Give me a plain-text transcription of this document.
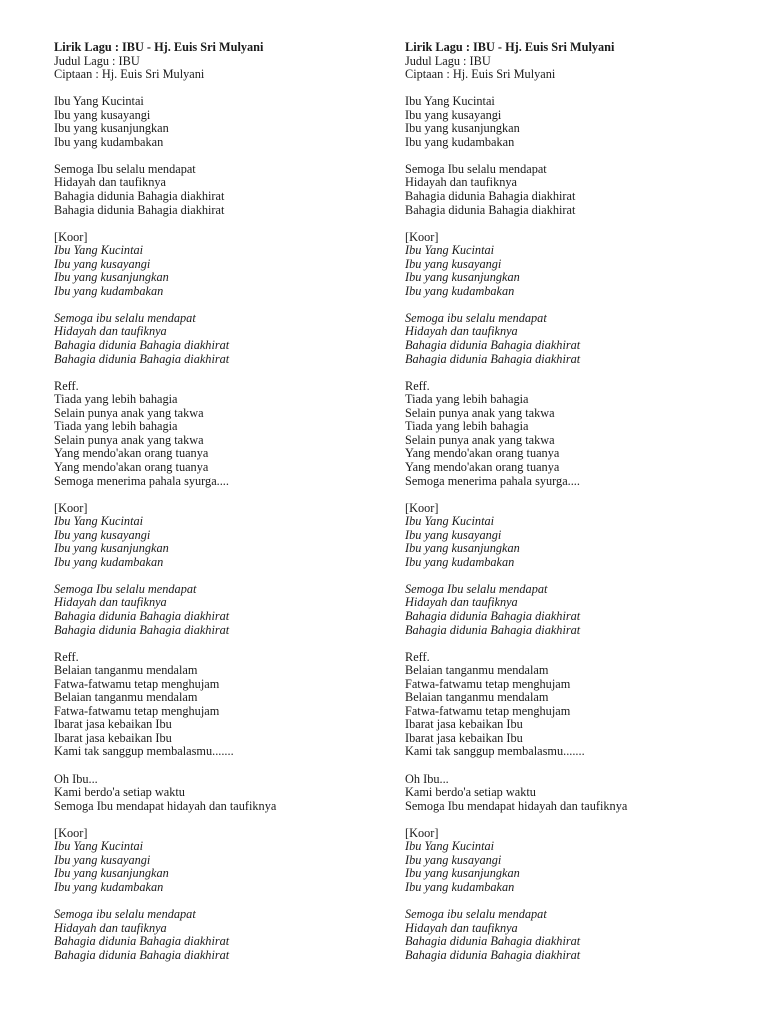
Lirik Lagu : IBU - Hj. Euis Sri Mulyani
Judul Lagu : IBU
Ciptaan : Hj. Euis Sri Mulyani
Ibu Yang Kucintai
Ibu yang kusayangi
Ibu yang kusanjungkan
Ibu yang kudambakan
Semoga Ibu selalu mendapat
Hidayah dan taufiknya
Bahagia didunia Bahagia diakhirat
Bahagia didunia Bahagia diakhirat
[Koor]
Ibu Yang Kucintai
Ibu yang kusayangi
Ibu yang kusanjungkan
Ibu yang kudambakan
Semoga ibu selalu mendapat
Hidayah dan taufiknya
Bahagia didunia Bahagia diakhirat
Bahagia didunia Bahagia diakhirat
Reff.
Tiada yang lebih bahagia
Selain punya anak yang takwa
Tiada yang lebih bahagia
Selain punya anak yang takwa
Yang mendo'akan orang tuanya
Yang mendo'akan orang tuanya
Semoga menerima pahala syurga....
[Koor]
Ibu Yang Kucintai
Ibu yang kusayangi
Ibu yang kusanjungkan
Ibu yang kudambakan
Semoga Ibu selalu mendapat
Hidayah dan taufiknya
Bahagia didunia Bahagia diakhirat
Bahagia didunia Bahagia diakhirat
Reff.
Belaian tanganmu mendalam
Fatwa-fatwamu tetap menghujam
Belaian tanganmu mendalam
Fatwa-fatwamu tetap menghujam
Ibarat jasa kebaikan Ibu
Ibarat jasa kebaikan Ibu
Kami tak sanggup membalasmu.......
Oh Ibu...
Kami berdo'a setiap waktu
Semoga Ibu mendapat hidayah dan taufiknya
[Koor]
Ibu Yang Kucintai
Ibu yang kusayangi
Ibu yang kusanjungkan
Ibu yang kudambakan
Semoga ibu selalu mendapat
Hidayah dan taufiknya
Bahagia didunia Bahagia diakhirat
Bahagia didunia Bahagia diakhirat
Lirik Lagu : IBU - Hj. Euis Sri Mulyani
Judul Lagu : IBU
Ciptaan : Hj. Euis Sri Mulyani
Ibu Yang Kucintai
Ibu yang kusayangi
Ibu yang kusanjungkan
Ibu yang kudambakan
Semoga Ibu selalu mendapat
Hidayah dan taufiknya
Bahagia didunia Bahagia diakhirat
Bahagia didunia Bahagia diakhirat
[Koor]
Ibu Yang Kucintai
Ibu yang kusayangi
Ibu yang kusanjungkan
Ibu yang kudambakan
Semoga ibu selalu mendapat
Hidayah dan taufiknya
Bahagia didunia Bahagia diakhirat
Bahagia didunia Bahagia diakhirat
Reff.
Tiada yang lebih bahagia
Selain punya anak yang takwa
Tiada yang lebih bahagia
Selain punya anak yang takwa
Yang mendo'akan orang tuanya
Yang mendo'akan orang tuanya
Semoga menerima pahala syurga....
[Koor]
Ibu Yang Kucintai
Ibu yang kusayangi
Ibu yang kusanjungkan
Ibu yang kudambakan
Semoga Ibu selalu mendapat
Hidayah dan taufiknya
Bahagia didunia Bahagia diakhirat
Bahagia didunia Bahagia diakhirat
Reff.
Belaian tanganmu mendalam
Fatwa-fatwamu tetap menghujam
Belaian tanganmu mendalam
Fatwa-fatwamu tetap menghujam
Ibarat jasa kebaikan Ibu
Ibarat jasa kebaikan Ibu
Kami tak sanggup membalasmu.......
Oh Ibu...
Kami berdo'a setiap waktu
Semoga Ibu mendapat hidayah dan taufiknya
[Koor]
Ibu Yang Kucintai
Ibu yang kusayangi
Ibu yang kusanjungkan
Ibu yang kudambakan
Semoga ibu selalu mendapat
Hidayah dan taufiknya
Bahagia didunia Bahagia diakhirat
Bahagia didunia Bahagia diakhirat
